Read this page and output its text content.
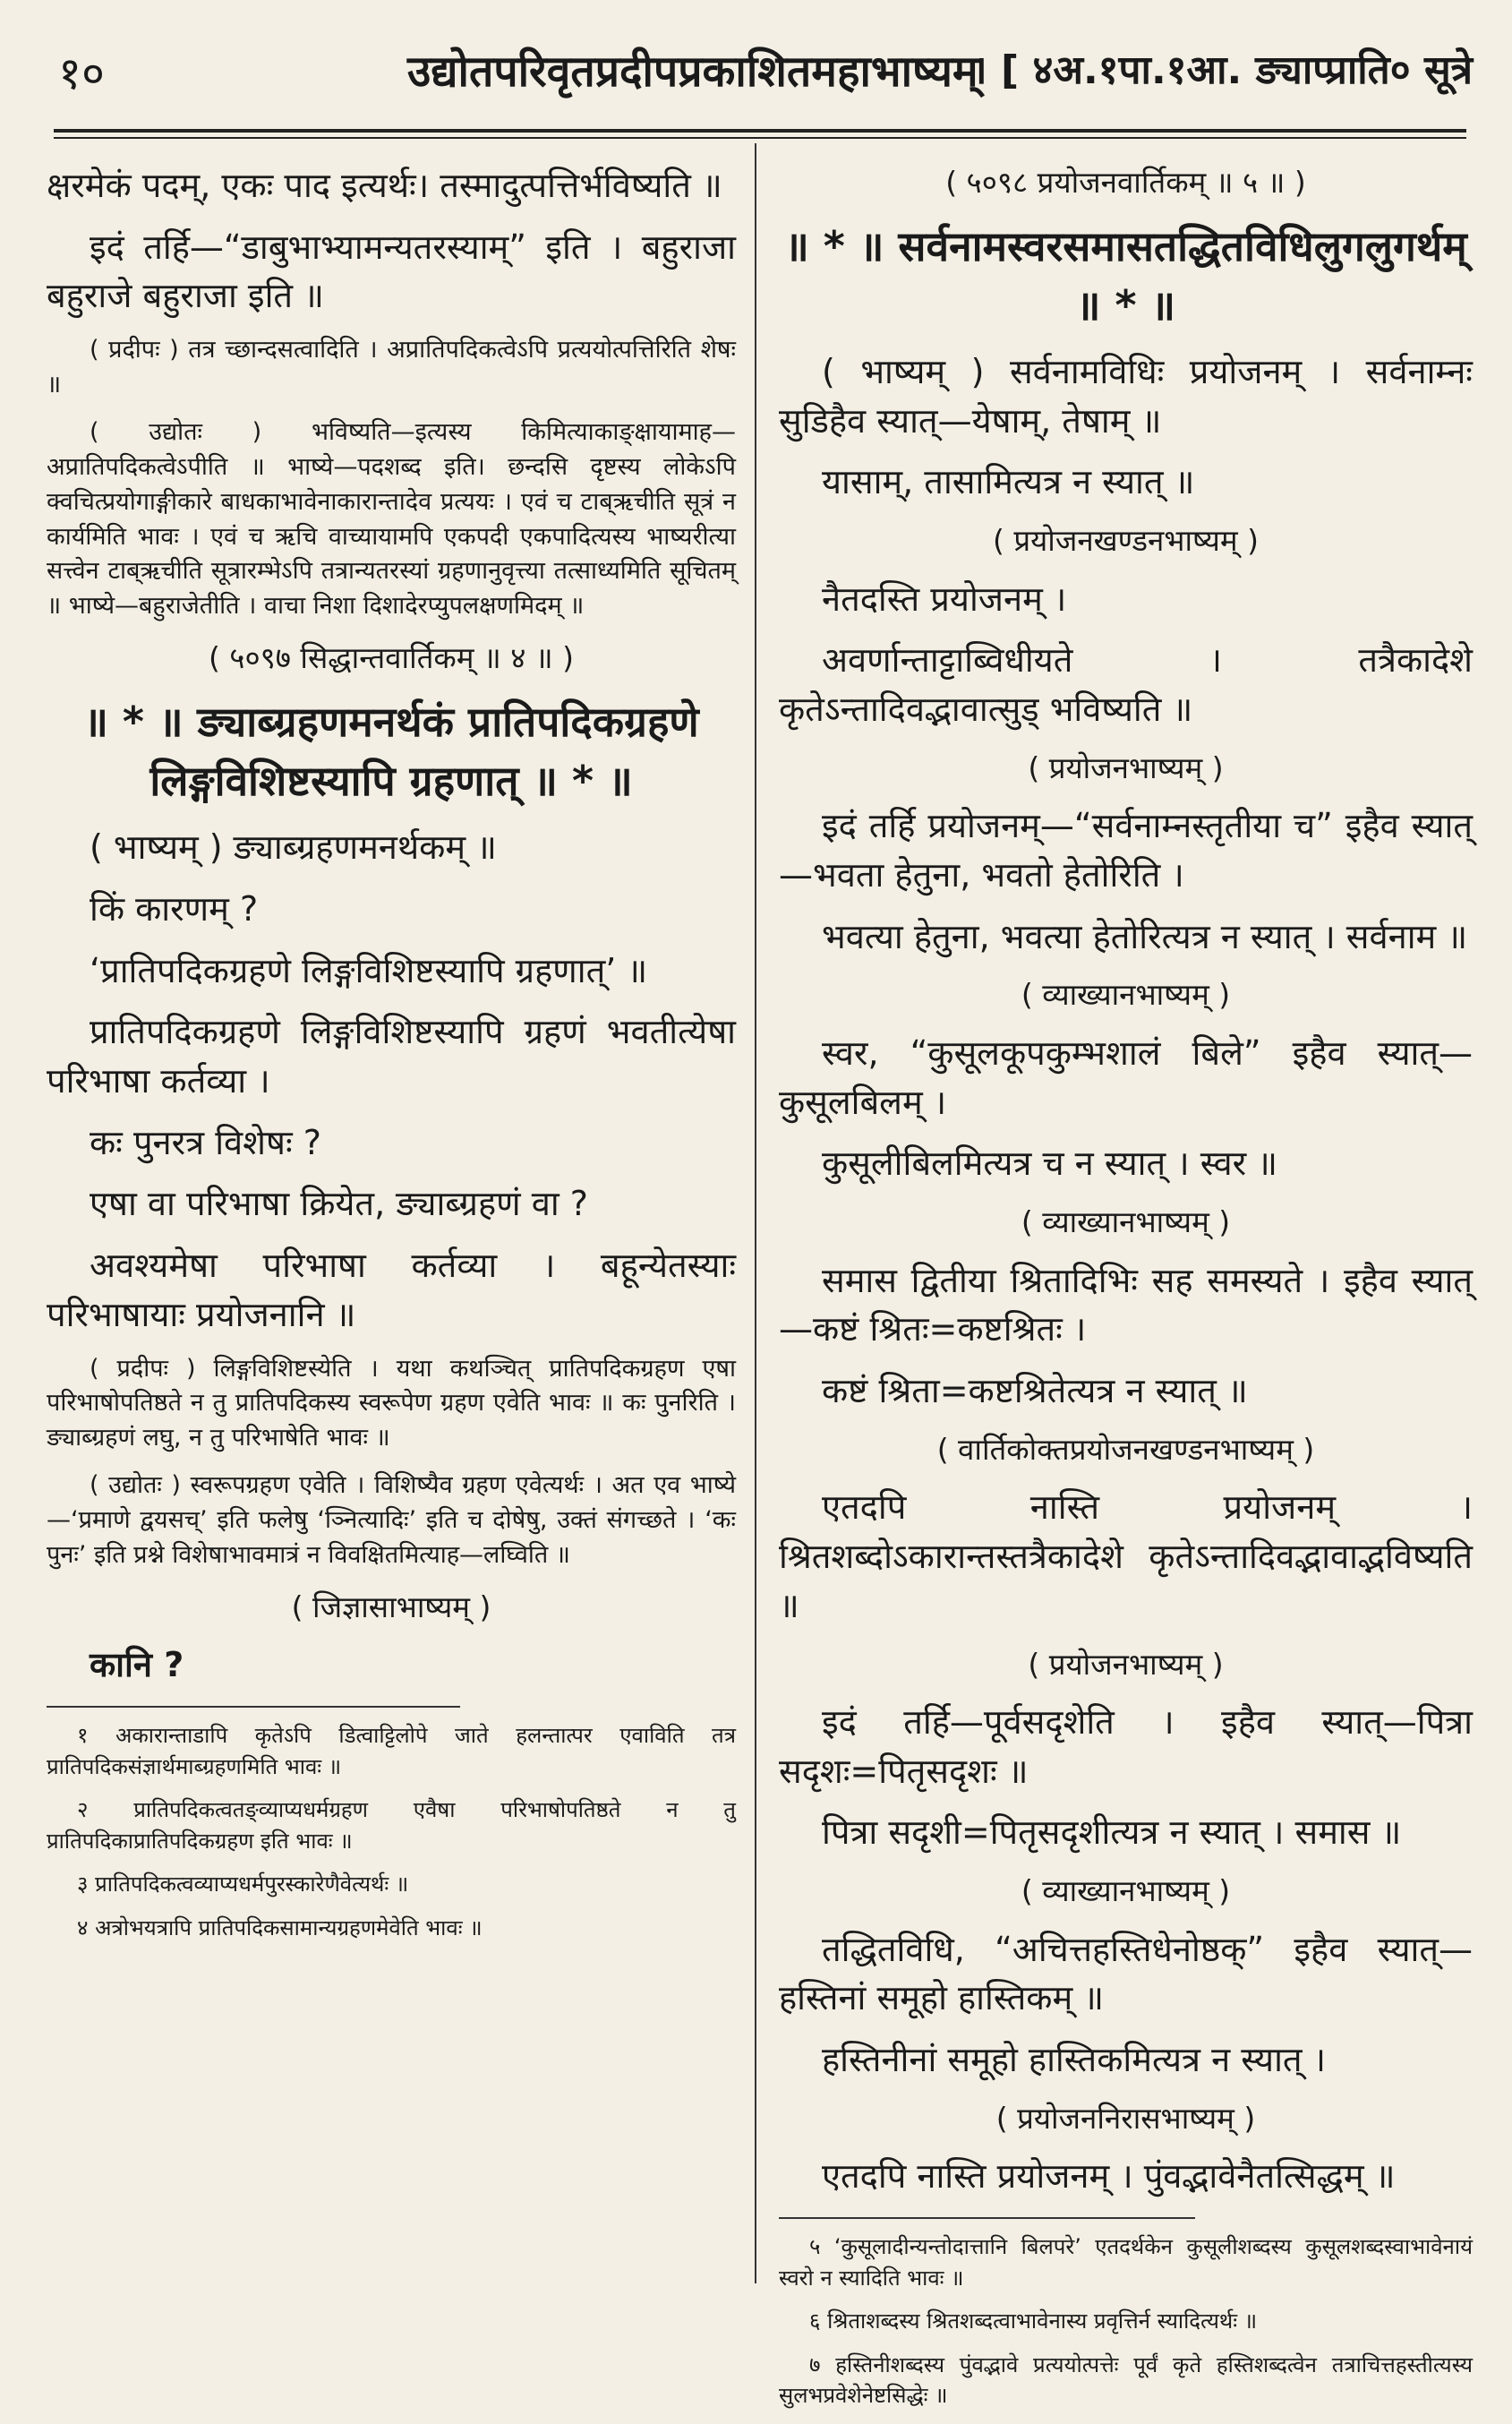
१०	उद्योतपरिवृतप्रदीपप्रकाशितमहाभाष्यम्
। [ ४अ.१पा.१आ. ङ्याप्प्राति० सूत्रे

क्षरमेकं पदम्, एकः पाद इत्यर्थः। तस्मादुत्पत्तिर्भविष्यति ॥

इदं तर्हि—“डाबुभाभ्यामन्यतरस्याम्” इति । बहुराजा बहुराजे बहुराजा इति ॥

( प्रदीपः ) तत्र च्छान्दसत्वादिति । अप्रातिपदिकत्वेऽपि प्रत्ययोत्पत्तिरिति शेषः ॥

( उद्योतः ) भविष्यति—इत्यस्य किमित्याकाङ्क्षायामाह—अप्रातिपदिकत्वेऽपीति ॥ भाष्ये—पदशब्द इति। छन्दसि दृष्टस्य लोकेऽपि क्वचित्प्रयोगाङ्गीकारे बाधकाभावेनाकारान्तादेव प्रत्ययः । एवं च टाब्ऋचीति सूत्रं न कार्यमिति भावः । एवं च ऋचि वाच्यायामपि एकपदी एकपादित्यस्य भाष्यरीत्या सत्त्वेन टाब्ऋचीति सूत्रारम्भेऽपि तत्रान्यतरस्यां ग्रहणानुवृत्त्या तत्साध्यमिति सूचितम् ॥ भाष्ये—बहुराजेतीति । वाचा निशा दिशादेरप्युपलक्षणमिदम् ॥

( ५०९७ सिद्धान्तवार्तिकम् ॥ ४ ॥ )

॥ * ॥ ङ्याब्ग्रहणमनर्थकं प्रातिपदिकग्रहणे लिङ्गविशिष्टस्यापि ग्रहणात् ॥ * ॥

( भाष्यम् ) ङ्याब्ग्रहणमनर्थकम् ॥

किं कारणम् ?

‘प्रातिपदिकग्रहणे लिङ्गविशिष्टस्यापि ग्रहणात्’ ॥

प्रातिपदिकग्रहणे लिङ्गविशिष्टस्यापि ग्रहणं भवतीत्येषा परिभाषा कर्तव्या ।

कः पुनरत्र विशेषः ?

एषा वा परिभाषा क्रियेत, ङ्याब्ग्रहणं वा ?

अवश्यमेषा परिभाषा कर्तव्या । बहून्येतस्याः परिभाषायाः प्रयोजनानि ॥

( प्रदीपः ) लिङ्गविशिष्टस्येति । यथा कथञ्चित् प्रातिपदिकग्रहण एषा परिभाषोपतिष्ठते न तु प्रातिपदिकस्य स्वरूपेण ग्रहण एवेति भावः ॥ कः पुनरिति । ङ्याब्ग्रहणं लघु, न तु परिभाषेति भावः ॥

( उद्योतः ) स्वरूपग्रहण एवेति । विशिष्यैव ग्रहण एवेत्यर्थः । अत एव भाष्ये—‘प्रमाणे द्वयसच्’ इति फलेषु ‘ञ्नित्यादिः’ इति च दोषेषु, उक्तं संगच्छते । ‘कः पुनः’ इति प्रश्ने विशेषाभावमात्रं न विवक्षितमित्याह—लघ्विति ॥

( जिज्ञासाभाष्यम् )

कानि ?

१ अकारान्ताडापि कृतेऽपि डित्वाट्टिलोपे जाते हलन्तात्पर एवाविति तत्र प्रातिपदिकसंज्ञार्थमाब्ग्रहणमिति भावः ॥

२ प्रातिपदिकत्वतङ्व्याप्यधर्मग्रहण एवैषा परिभाषोपतिष्ठते न तु प्रातिपदिकाप्रातिपदिकग्रहण इति भावः ॥

३ प्रातिपदिकत्वव्याप्यधर्मपुरस्कारेणैवेत्यर्थः ॥

४ अत्रोभयत्रापि प्रातिपदिकसामान्यग्रहणमेवेति भावः ॥

( ५०९८ प्रयोजनवार्तिकम् ॥ ५ ॥ )

॥ * ॥ सर्वनामस्वरसमासतद्धितविधिलुगलुगर्थम् ॥ * ॥

( भाष्यम् ) सर्वनामविधिः प्रयोजनम् । सर्वनाम्नः सुडिहैव स्यात्—येषाम्, तेषाम् ॥

यासाम्, तासामित्यत्र न स्यात् ॥

( प्रयोजनखण्डनभाष्यम् )

नैतदस्ति प्रयोजनम् ।

अवर्णान्ताट्टाब्विधीयते । तत्रैकादेशे कृतेऽन्तादिवद्भावात्सुड् भविष्यति ॥

( प्रयोजनभाष्यम् )

इदं तर्हि प्रयोजनम्—“सर्वनाम्नस्तृतीया च” इहैव स्यात्—भवता हेतुना, भवतो हेतोरिति ।

भवत्या हेतुना, भवत्या हेतोरित्यत्र न स्यात् । सर्वनाम ॥

( व्याख्यानभाष्यम् )

स्वर, “कुसूलकूपकुम्भशालं बिले” इहैव स्यात्—कुसूलबिलम् ।

कुसूलीबिलमित्यत्र च न स्यात् । स्वर ॥

( व्याख्यानभाष्यम् )

समास द्वितीया श्रितादिभिः सह समस्यते । इहैव स्यात्—कष्टं श्रितः=कष्टश्रितः ।

कष्टं श्रिता=कष्टश्रितेत्यत्र न स्यात् ॥

( वार्तिकोक्तप्रयोजनखण्डनभाष्यम् )

एतदपि नास्ति प्रयोजनम् । श्रितशब्दोऽकारान्तस्तत्रैकादेशे कृतेऽन्तादिवद्भावाद्भविष्यति ॥

( प्रयोजनभाष्यम् )

इदं तर्हि—पूर्वसदृशेति । इहैव स्यात्—पित्रा सदृशः=पितृसदृशः ॥

पित्रा सदृशी=पितृसदृशीत्यत्र न स्यात् । समास ॥

( व्याख्यानभाष्यम् )

तद्धितविधि, “अचित्तहस्तिधेनोष्ठक्” इहैव स्यात्—हस्तिनां समूहो हास्तिकम् ॥

हस्तिनीनां समूहो हास्तिकमित्यत्र न स्यात् ।

( प्रयोजननिरासभाष्यम् )

एतदपि नास्ति प्रयोजनम् । पुंवद्भावेनैतत्सिद्धम् ॥

५ ‘कुसूलादीन्यन्तोदात्तानि बिलपरे’ एतदर्थकेन कुसूलीशब्दस्य कुसूलशब्दस्वाभावेनायं स्वरो न स्यादिति भावः ॥

६ श्रिताशब्दस्य श्रितशब्दत्वाभावेनास्य प्रवृत्तिर्न स्यादित्यर्थः ॥

७ हस्तिनीशब्दस्य पुंवद्भावे प्रत्ययोत्पत्तेः पूर्वं कृते हस्तिशब्दत्वेन तत्राचित्तहस्तीत्यस्य सुलभप्रवेशेनेष्टसिद्धेः ॥
